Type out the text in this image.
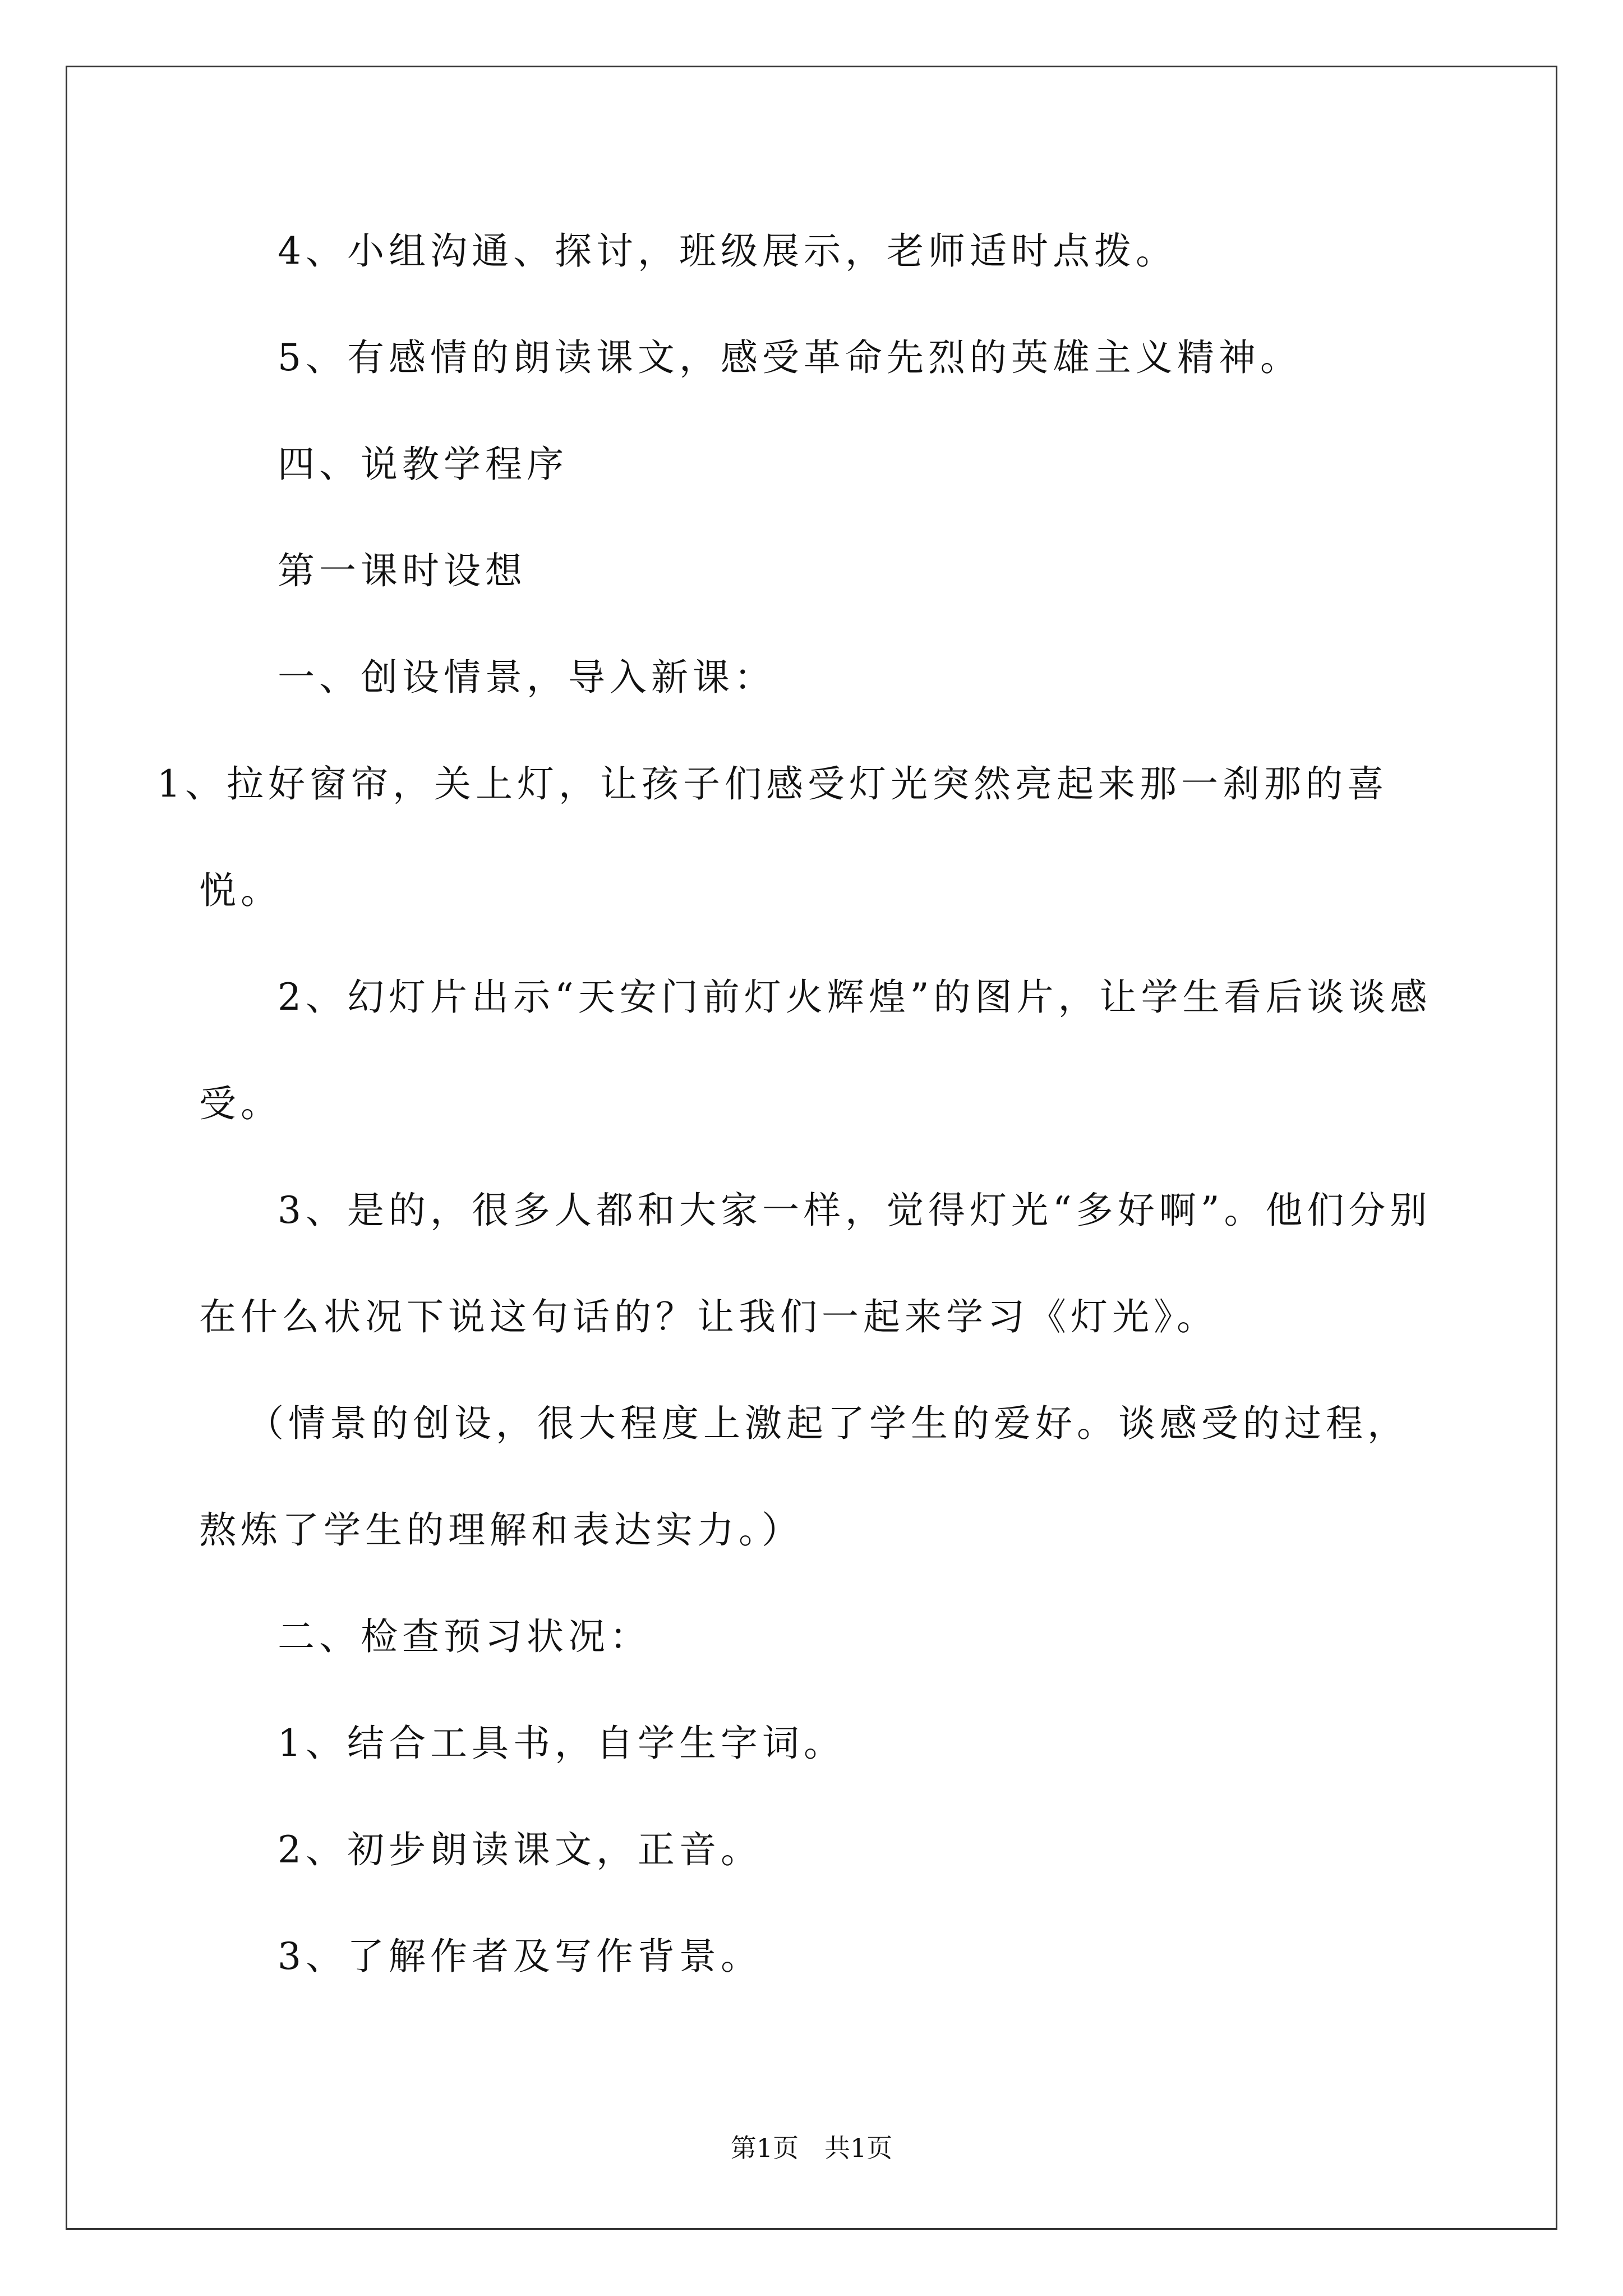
4、小组沟通、探讨，班级展示，老师适时点拨。
5、有感情的朗读课文，感受革命先烈的英雄主义精神。
四、说教学程序
第一课时设想
一、创设情景，导入新课：
1、拉好窗帘，关上灯，让孩子们感受灯光突然亮起来那一刹那的喜
悦。
2、幻灯片出示“天安门前灯火辉煌”的图片，让学生看后谈谈感
受。
3、是的，很多人都和大家一样，觉得灯光“多好啊”。他们分别
在什么状况下说这句话的？让我们一起来学习《灯光》。
（情景的创设，很大程度上激起了学生的爱好。谈感受的过程，
熬炼了学生的理解和表达实力。）
二、检查预习状况：
1、结合工具书，自学生字词。
2、初步朗读课文，正音。
3、了解作者及写作背景。
第1页　共1页
